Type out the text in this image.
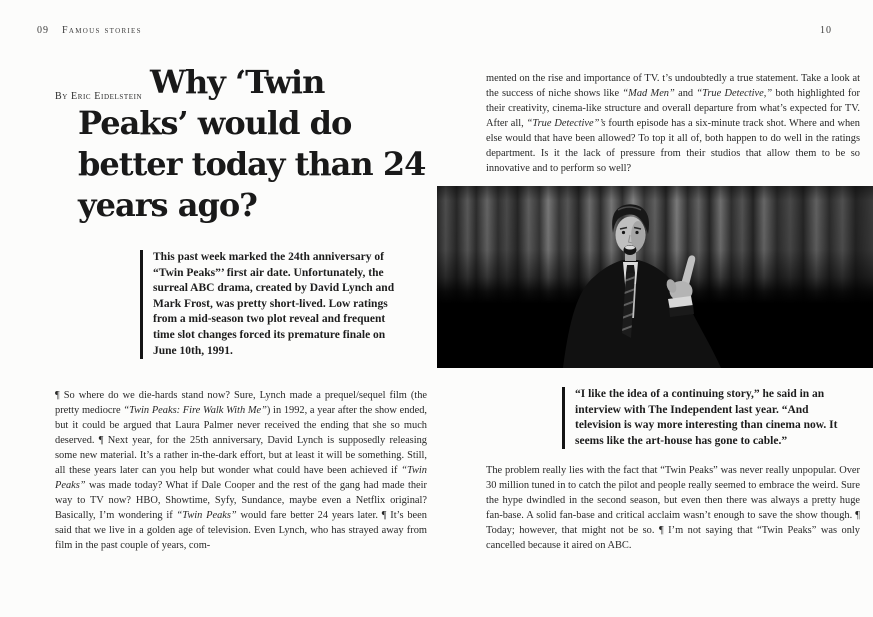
09 Famous stories	10
By Eric Eidelstein Why ‘Twin
Peaks’ would do
better today than 24
years ago?
This past week marked the 24th anniversary of “Twin Peaks”’ first air date. Unfortunately, the surreal ABC drama, created by David Lynch and Mark Frost, was pretty short-lived. Low ratings from a mid-season two plot reveal and frequent time slot changes forced its premature finale on June 10th, 1991.

¶ So where do we die-hards stand now? Sure, Lynch made a prequel/sequel film (the pretty mediocre “Twin Peaks: Fire Walk With Me”) in 1992, a year after the show ended, but it could be argued that Laura Palmer never received the ending that she so much deserved. ¶ Next year, for the 25th anniversary, David Lynch is supposedly releasing some new material. It’s a rather in-the-dark effort, but at least it will be something. Still, all these years later can you help but wonder what could have been achieved if “Twin Peaks” was made today? What if Dale Cooper and the rest of the gang had made their way to TV now? HBO, Showtime, Syfy, Sundance, maybe even a Netflix original? Basically, I’m wondering if “Twin Peaks” would fare better 24 years later. ¶ It’s been said that we live in a golden age of television. Even Lynch, who has strayed away from film in the past couple of years, com-

mented on the rise and importance of TV. t’s undoubtedly a true statement. Take a look at the success of niche shows like “Mad Men” and “True Detective,” both highlighted for their creativity, cinema-like structure and overall departure from what’s expected for TV. After all, “True Detective”’s fourth episode has a six-minute track shot. Where and when else would that have been allowed? To top it all of, both happen to do well in the ratings department. Is it the lack of pressure from their studios that allow them to be so innovative and to perform so well?

“I like the idea of a continuing story,” he said in an interview with The Independent last year. “And television is way more interesting than cinema now. It seems like the art-house has gone to cable.”

The problem really lies with the fact that “Twin Peaks” was never really unpopular. Over 30 million tuned in to catch the pilot and people really seemed to embrace the weird. Sure the hype dwindled in the second season, but even then there was always a pretty huge fan-base. A solid fan-base and critical acclaim wasn’t enough to save the show though. ¶ Today; however, that might not be so. ¶ I’m not saying that “Twin Peaks” was only cancelled because it aired on ABC.
